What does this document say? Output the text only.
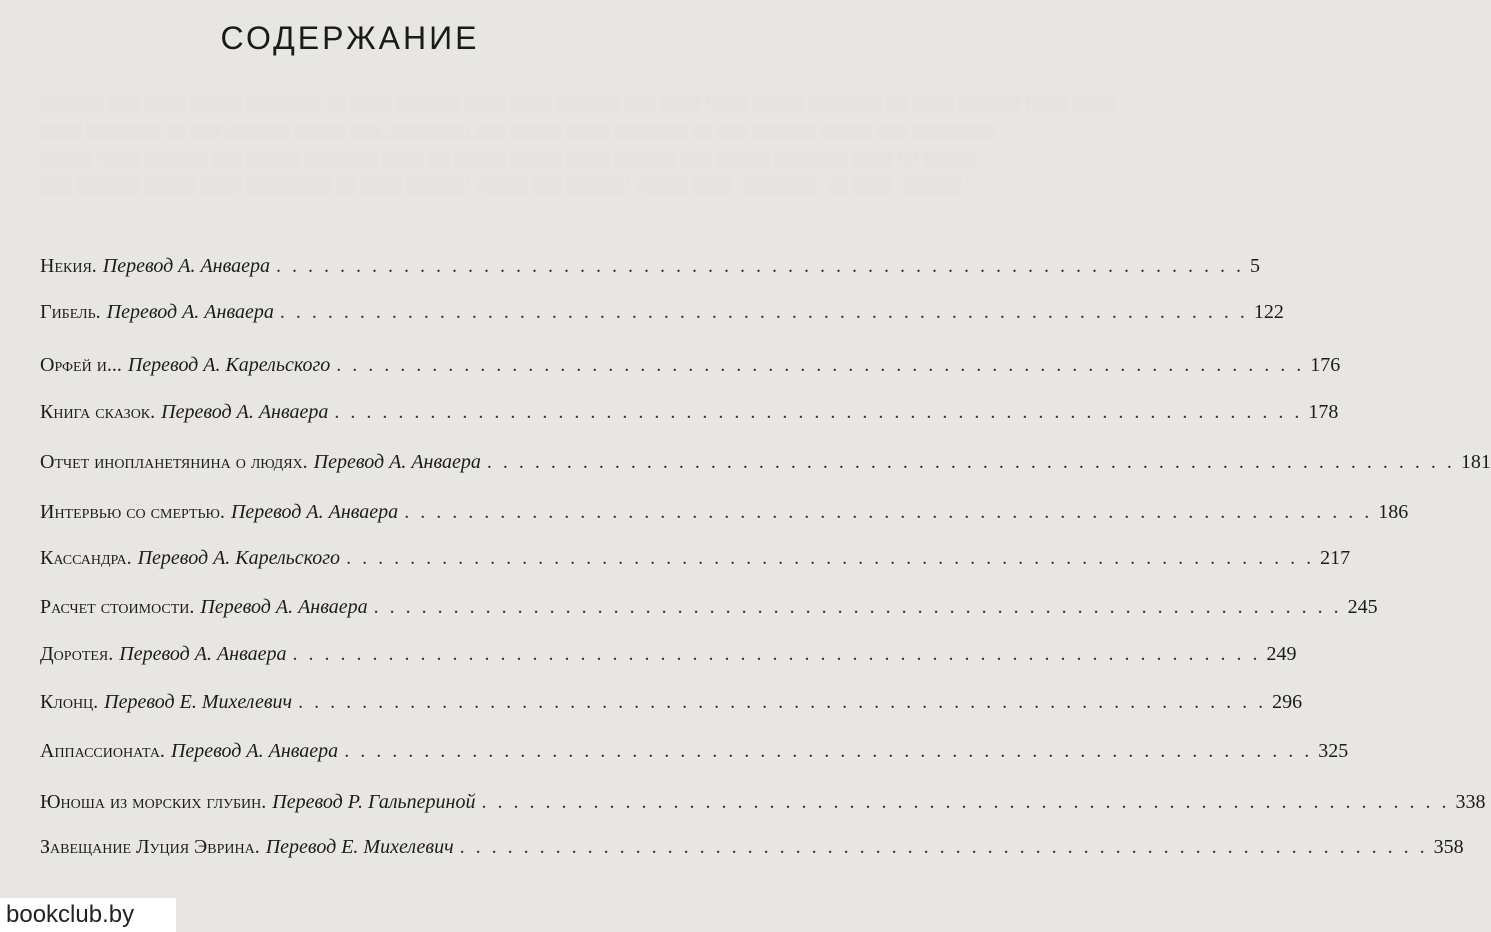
░░░░░░ ░░░ ░░░░ ░░░░░ ░░░░░░░ ░░ ░░░░ ░░░░░░ ░░░░ ░░░░ ░░░░░░ ░░░ ░░░░ ░░░░ ░░░░░ ░░░░░░░ ░░ ░░░░ ░░░░░░ ░░░░ ░░░░
░░░░ ░░░░░░░ ░░ ░░░ ░░░░░░ ░░░░░ ░░░ ░░░░░░░░ ░░░ ░░░░░ ░░░░ ░░░░░░░ ░░ ░░░ ░░░░░░ ░░░░░ ░░░ ░░░░░░░░
░░░░░ ░░░░ ░░░░░░ ░░░ ░░░░░ ░░░░░░░ ░░░░ ░░ ░░░░░ ░░░░░ ░░░░ ░░░░░░ ░░░ ░░░░░ ░░░░░░░ ░░░░ ░░ ░░░░░
░░░ ░░░░░░ ░░░░░ ░░░░ ░░░░░░░░ ░░ ░░░░ ░░░░░░ ░░░░░ ░░░ ░░░░░░ ░░░░░ ░░░░ ░░░░░░░░ ░░ ░░░░ ░░░░░░
СОДЕРЖАНИЕ
Некия. Перевод А. Анваера . . .	5
Гибель. Перевод А. Анваера . . .	122
Орфей и... Перевод А. Карельского . . .	176
Книга сказок. Перевод А. Анваера . . .	178
Отчет инопланетянина о людях. Перевод А. Анваера . . .	181
Интервью со смертью. Перевод А. Анваера . . .	186
Кассандра. Перевод А. Карельского . . .	217
Расчет стоимости. Перевод А. Анваера . . .	245
Доротея. Перевод А. Анваера . . .	249
Клонц. Перевод Е. Михелевич . . .	296
Аппассионата. Перевод А. Анваера . . .	325
Юноша из морских глубин. Перевод Р. Гальпериной . . .	338
Завещание Луция Эврина. Перевод Е. Михелевич . . .	358
bookclub.by
